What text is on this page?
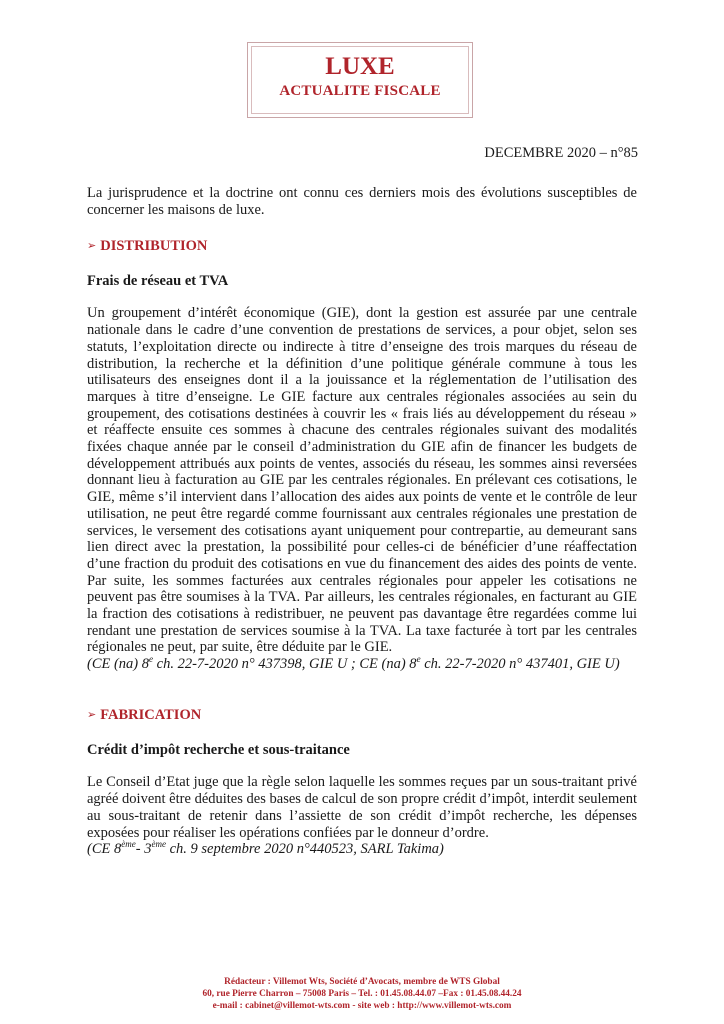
LUXE
ACTUALITE FISCALE
DECEMBRE 2020 – n°85

La jurisprudence et la doctrine ont connu ces derniers mois des évolutions susceptibles de concerner les maisons de luxe.

➢ DISTRIBUTION
Frais de réseau et TVA

Un groupement d’intérêt économique (GIE), dont la gestion est assurée par une centrale nationale dans le cadre d’une convention de prestations de services, a pour objet, selon ses statuts, l’exploitation directe ou indirecte à titre d’enseigne des trois marques du réseau de distribution, la recherche et la définition d’une politique générale commune à tous les utilisateurs des enseignes dont il a la jouissance et la réglementation de l’utilisation des marques à titre d’enseigne. Le GIE facture aux centrales régionales associées au sein du groupement, des cotisations destinées à couvrir les « frais liés au développement du réseau » et réaffecte ensuite ces sommes à chacune des centrales régionales suivant des modalités fixées chaque année par le conseil d’administration du GIE afin de financer les budgets de développement attribués aux points de ventes, associés du réseau, les sommes ainsi reversées donnant lieu à facturation au GIE par les centrales régionales. En prélevant ces cotisations, le GIE, même s’il intervient dans l’allocation des aides aux points de vente et le contrôle de leur utilisation, ne peut être regardé comme fournissant aux centrales régionales une prestation de services, le versement des cotisations ayant uniquement pour contrepartie, au demeurant sans lien direct avec la prestation, la possibilité pour celles-ci de bénéficier d’une réaffectation d’une fraction du produit des cotisations en vue du financement des aides des points de vente. Par suite, les sommes facturées aux centrales régionales pour appeler les cotisations ne peuvent pas être soumises à la TVA. Par ailleurs, les centrales régionales, en facturant au GIE la fraction des cotisations à redistribuer, ne peuvent pas davantage être regardées comme lui rendant une prestation de services soumise à la TVA. La taxe facturée à tort par les centrales régionales ne peut, par suite, être déduite par le GIE.

(CE (na) 8e ch. 22-7-2020 n° 437398, GIE U ; CE (na) 8e ch. 22-7-2020 n° 437401, GIE U)

➢ FABRICATION
Crédit d’impôt recherche et sous-traitance

Le Conseil d’Etat juge que la règle selon laquelle les sommes reçues par un sous-traitant privé agréé doivent être déduites des bases de calcul de son propre crédit d’impôt, interdit seulement au sous-traitant de retenir dans l’assiette de son crédit d’impôt recherche, les dépenses exposées pour réaliser les opérations confiées par le donneur d’ordre.

(CE 8ème- 3ème ch. 9 septembre 2020 n°440523, SARL Takima)

Rédacteur : Villemot Wts, Société d’Avocats, membre de WTS Global
60, rue Pierre Charron – 75008 Paris – Tel. : 01.45.08.44.07 –Fax : 01.45.08.44.24
e-mail : cabinet@villemot-wts.com - site web : http://www.villemot-wts.com
